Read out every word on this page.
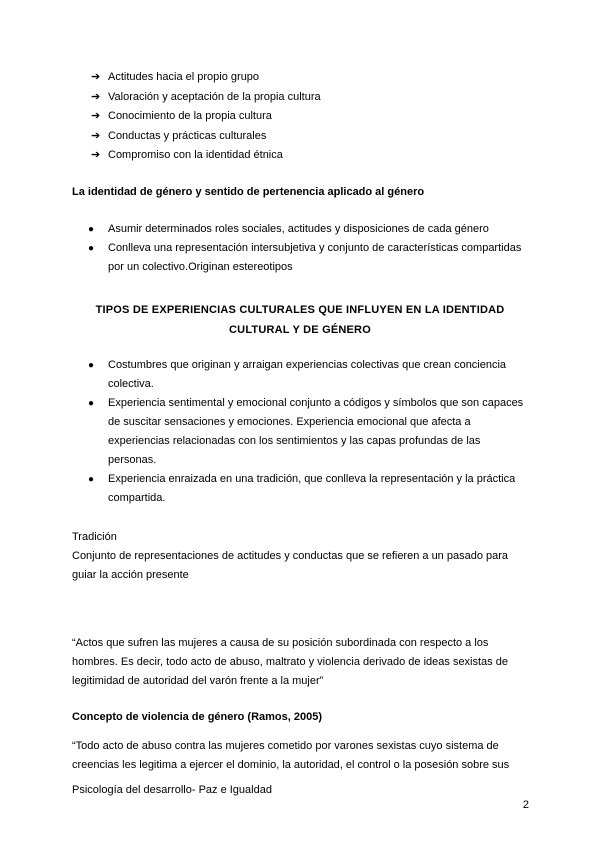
➔ Actitudes hacia el propio grupo
➔ Valoración y aceptación de la propia cultura
➔ Conocimiento de la propia cultura
➔ Conductas y prácticas culturales
➔ Compromiso con la identidad étnica
La identidad de género y sentido de pertenencia aplicado al género
●	Asumir determinados roles sociales, actitudes y disposiciones de cada género
●	Conlleva una representación intersubjetiva y conjunto de características compartidas por un colectivo.Originan estereotipos
TIPOS DE EXPERIENCIAS CULTURALES QUE INFLUYEN EN LA IDENTIDAD
CULTURAL Y DE GÉNERO
●	Costumbres que originan y arraigan experiencias colectivas que crean conciencia colectiva.
●	Experiencia sentimental y emocional conjunto a códigos y símbolos que son capaces de suscitar sensaciones y emociones. Experiencia emocional que afecta a experiencias relacionadas con los sentimientos y las capas profundas de las personas.
●	Experiencia enraizada en una tradición, que conlleva la representación y la práctica compartida.
Tradición
Conjunto de representaciones de actitudes y conductas que se refieren a un pasado para guiar la acción presente
“Actos que sufren las mujeres a causa de su posición subordinada con respecto a los hombres. Es decir, todo acto de abuso, maltrato y violencia derivado de ideas sexistas de legitimidad de autoridad del varón frente a la mujer”
Concepto de violencia de género (Ramos, 2005)
“Todo acto de abuso contra las mujeres cometido por varones sexistas cuyo sistema de creencias les legitima a ejercer el dominio, la autoridad, el control o la posesión sobre sus
Psicología del desarrollo- Paz e Igualdad
2
